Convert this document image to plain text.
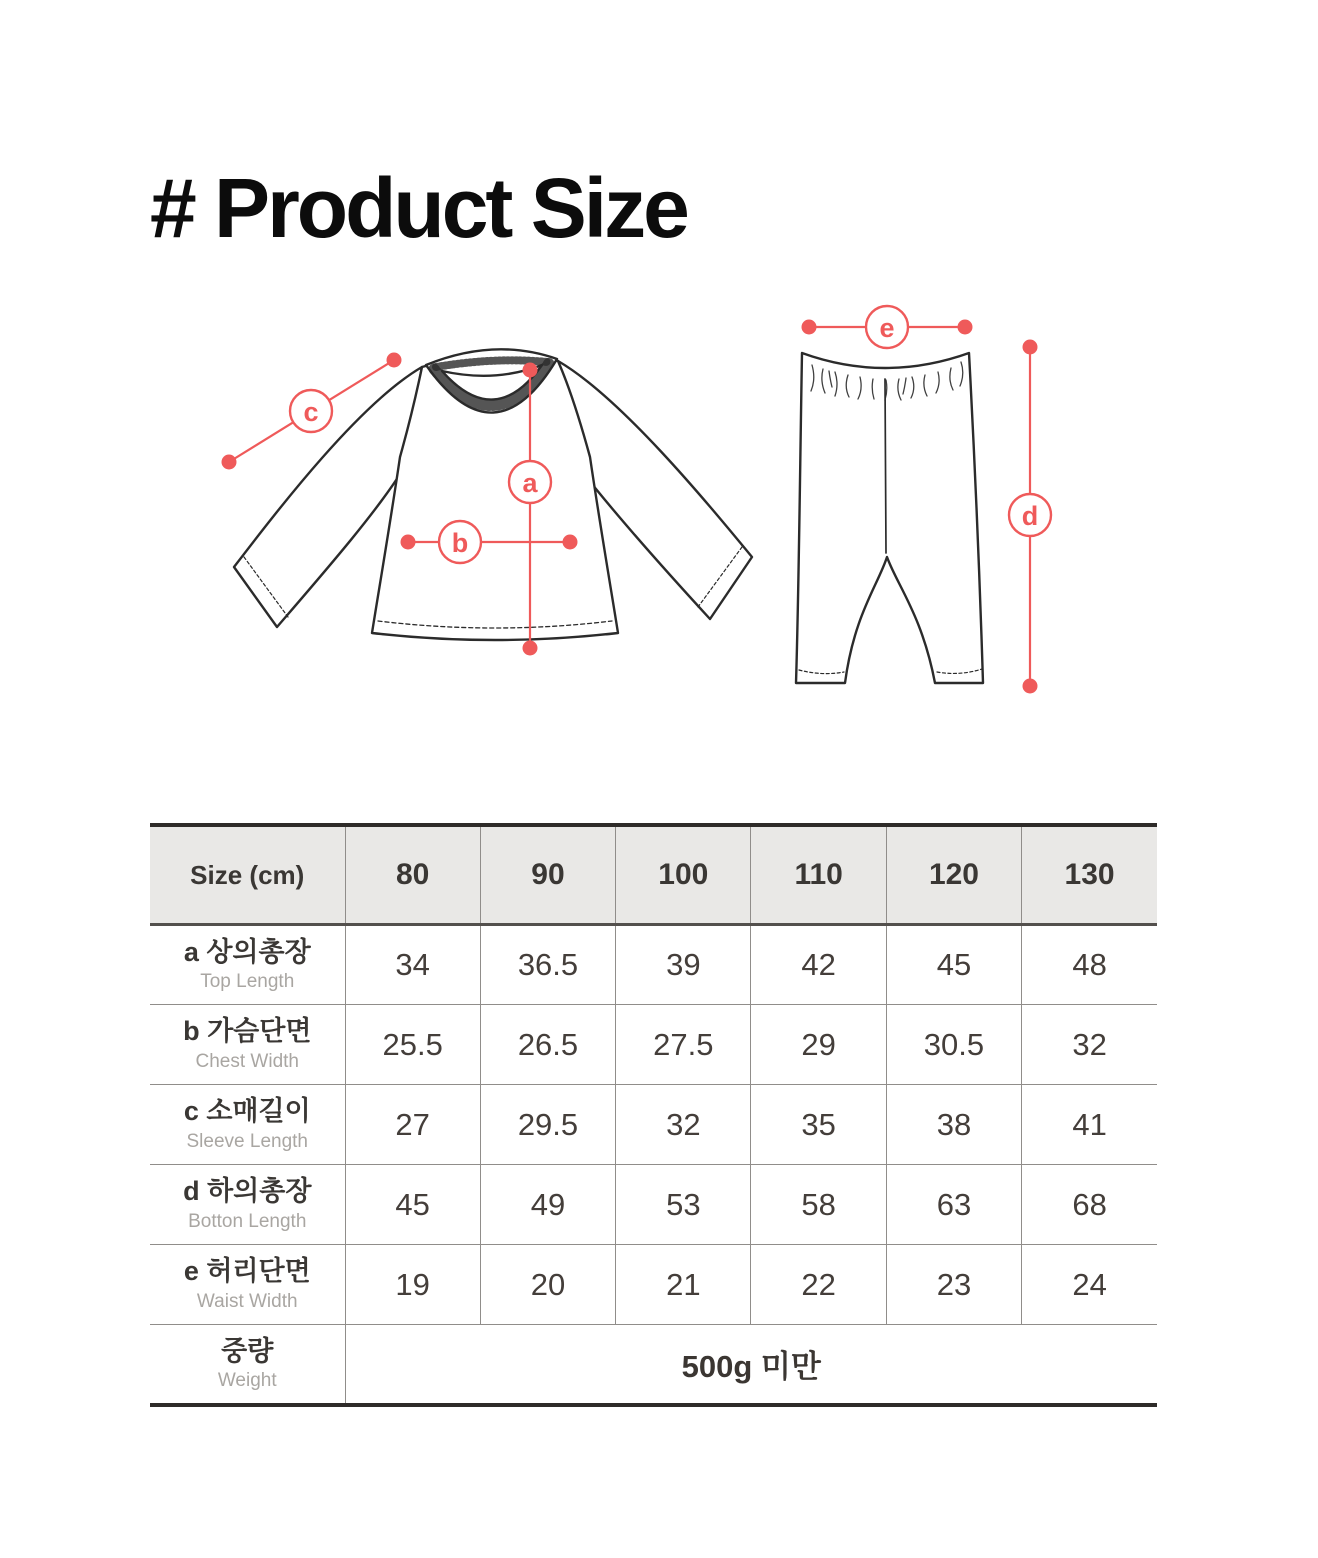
# Product Size
c
a
b
e
d
Size (cm)	80	90	100	110	120	130

a 상의총장
Top Length	34	36.5	39	42	45	48

b 가슴단면
Chest Width	25.5	26.5	27.5	29	30.5	32

c 소매길이
Sleeve Length	27	29.5	32	35	38	41

d 하의총장
Botton Length	45	49	53	58	63	68

e 허리단면
Waist Width	19	20	21	22	23	24

중량
Weight	500g 미만					
